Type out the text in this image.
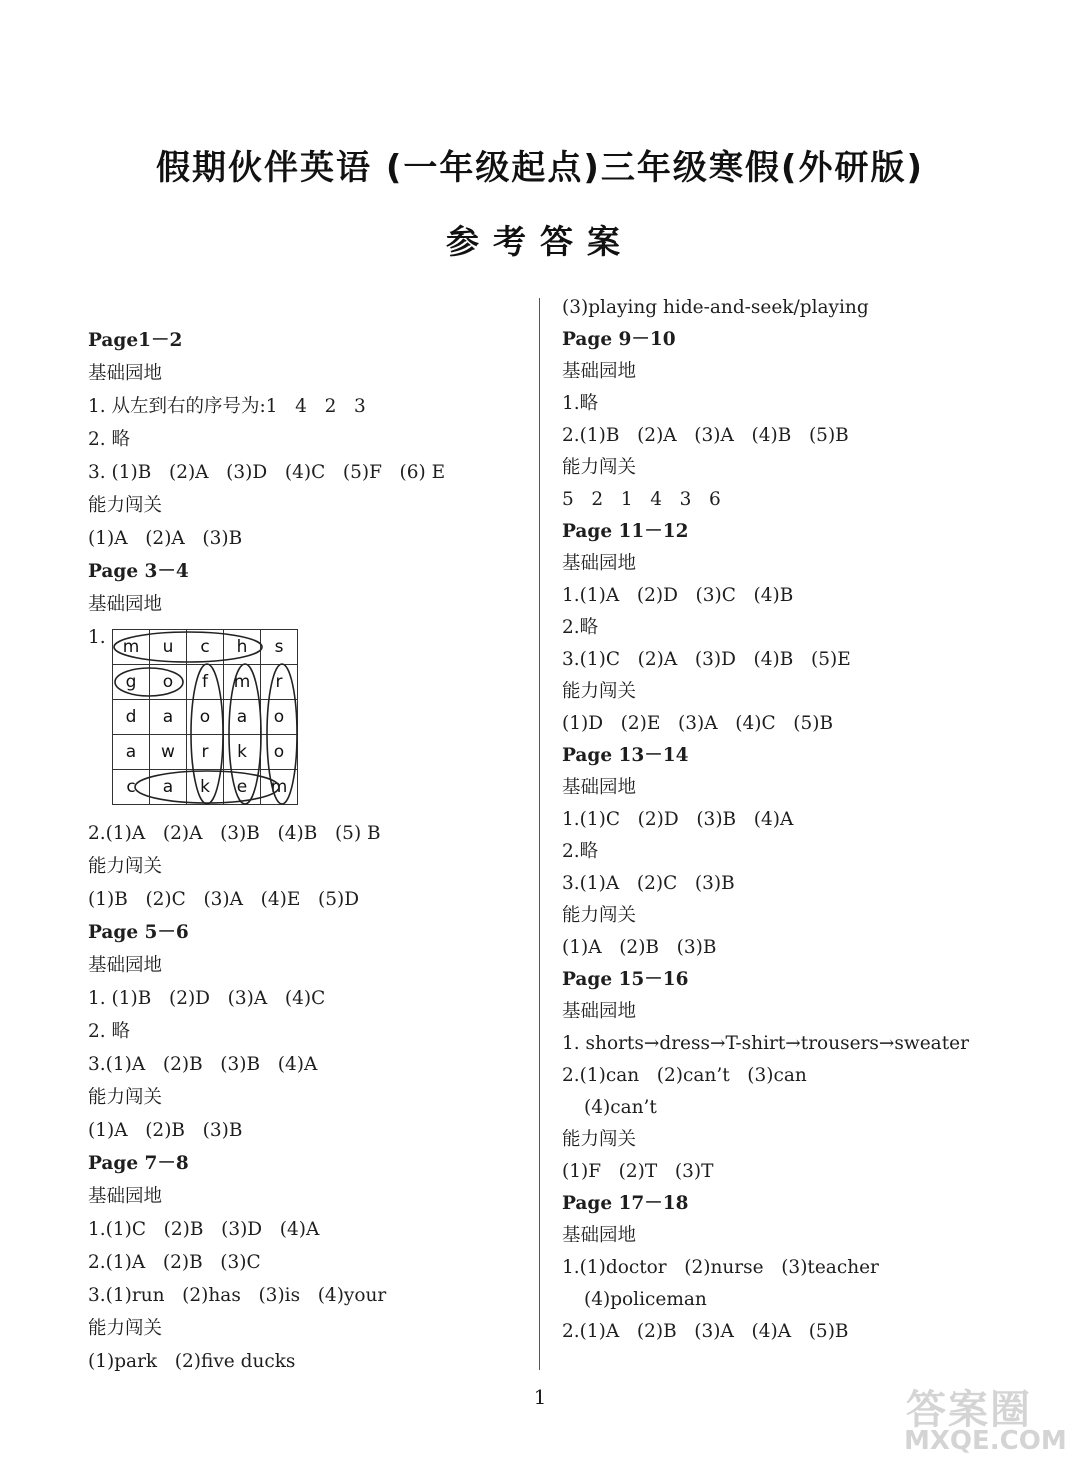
假期伙伴英语 (一年级起点)三年级寒假(外研版)
参考答案
Page1－2
基础园地
1. 从左到右的序号为:1   4   2   3
2. 略
3. (1)B   (2)A   (3)D   (4)C   (5)F   (6) E
能力闯关
(1)A   (2)A   (3)B
Page 3－4
基础园地
1.
2.(1)A   (2)A   (3)B   (4)B   (5) B
能力闯关
(1)B   (2)C   (3)A   (4)E   (5)D
Page 5－6
基础园地
1. (1)B   (2)D   (3)A   (4)C
2. 略
3.(1)A   (2)B   (3)B   (4)A
能力闯关
(1)A   (2)B   (3)B
Page 7－8
基础园地
1.(1)C   (2)B   (3)D   (4)A
2.(1)A   (2)B   (3)C
3.(1)run   (2)has   (3)is   (4)your
能力闯关
(1)park   (2)five ducks
(3)playing hide-and-seek/playing
Page 9－10
基础园地
1.略
2.(1)B   (2)A   (3)A   (4)B   (5)B
能力闯关
5   2   1   4   3   6
Page 11－12
基础园地
1.(1)A   (2)D   (3)C   (4)B
2.略
3.(1)C   (2)A   (3)D   (4)B   (5)E
能力闯关
(1)D   (2)E   (3)A   (4)C   (5)B
Page 13－14
基础园地
1.(1)C   (2)D   (3)B   (4)A
2.略
3.(1)A   (2)C   (3)B
能力闯关
(1)A   (2)B   (3)B
Page 15－16
基础园地
1. shorts→dress→T-shirt→trousers→sweater
2.(1)can   (2)can’t   (3)can
(4)can’t
能力闯关
(1)F   (2)T   (3)T
Page 17－18
基础园地
1.(1)doctor   (2)nurse   (3)teacher
(4)policeman
2.(1)A   (2)B   (3)A   (4)A   (5)B
m	u	c	h	s
g	o	f	m	r
d	a	o	a	o
a	w	r	k	o
c	a	k	e	m
1	答案圈
MXQE.COM
